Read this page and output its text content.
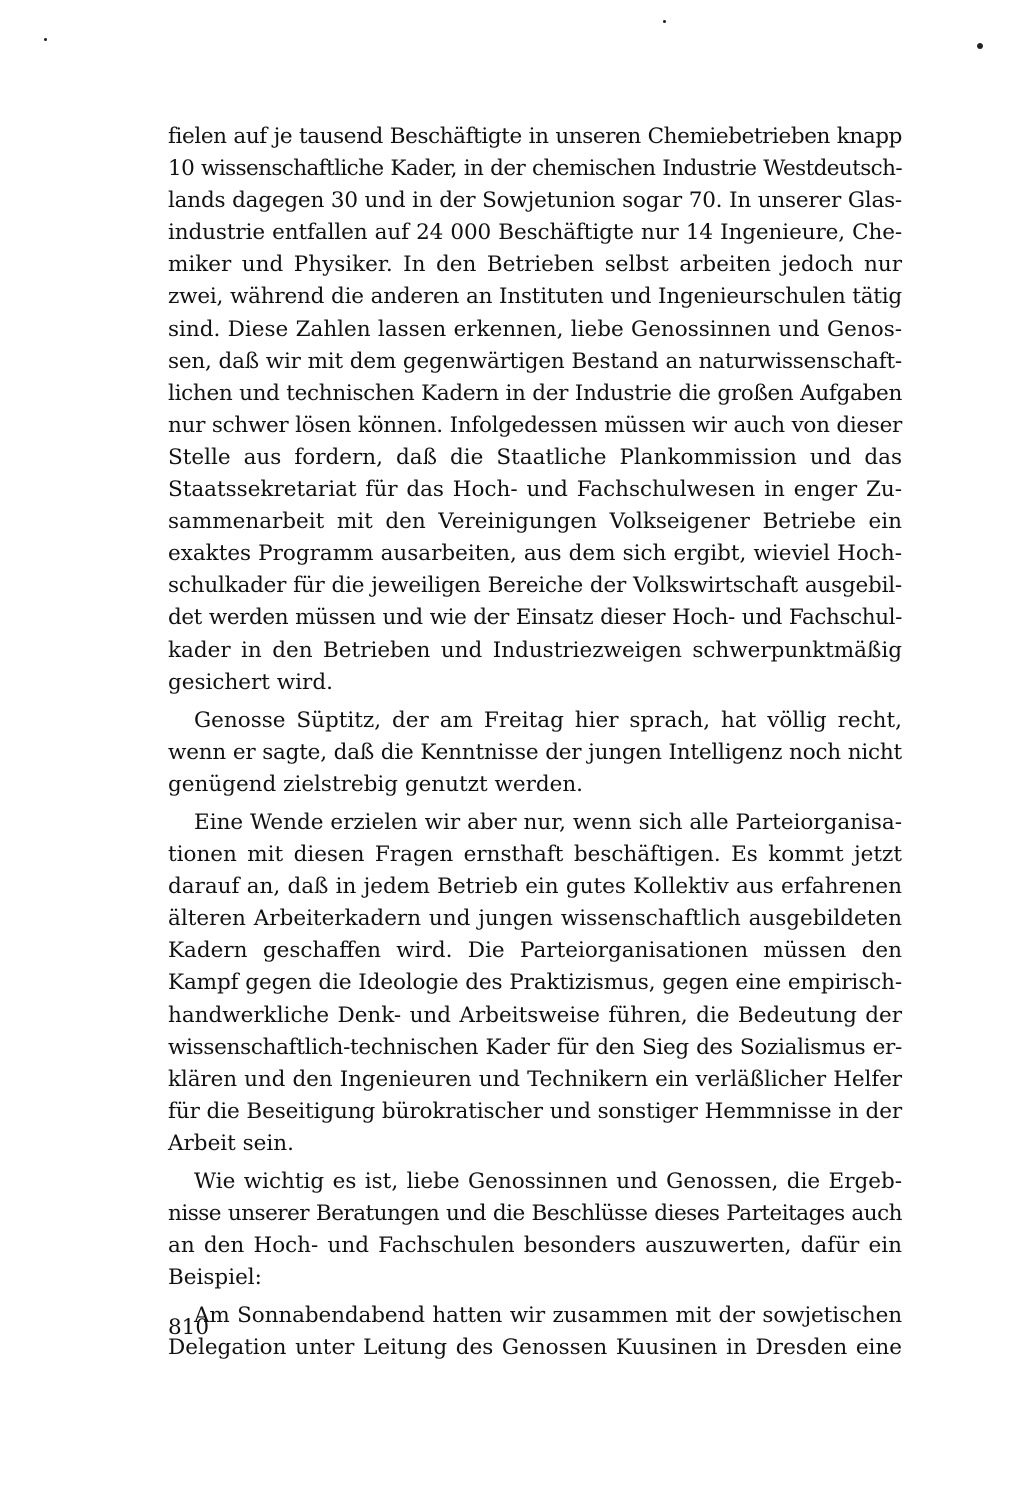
fielen auf je tausend Beschäftigte in unseren Chemiebetrieben knapp
10 wissenschaftliche Kader, in der chemischen Industrie Westdeutsch-
lands dagegen 30 und in der Sowjetunion sogar 70. In unserer Glas-
industrie entfallen auf 24 000 Beschäftigte nur 14 Ingenieure, Che-
miker und Physiker. In den Betrieben selbst arbeiten jedoch nur
zwei, während die anderen an Instituten und Ingenieurschulen tätig
sind. Diese Zahlen lassen erkennen, liebe Genossinnen und Genos-
sen, daß wir mit dem gegenwärtigen Bestand an naturwissenschaft-
lichen und technischen Kadern in der Industrie die großen Aufgaben
nur schwer lösen können. Infolgedessen müssen wir auch von dieser
Stelle aus fordern, daß die Staatliche Plankommission und das
Staatssekretariat für das Hoch- und Fachschulwesen in enger Zu-
sammenarbeit mit den Vereinigungen Volkseigener Betriebe ein
exaktes Programm ausarbeiten, aus dem sich ergibt, wieviel Hoch-
schulkader für die jeweiligen Bereiche der Volkswirtschaft ausgebil-
det werden müssen und wie der Einsatz dieser Hoch- und Fachschul-
kader in den Betrieben und Industriezweigen schwerpunktmäßig
gesichert wird.
Genosse Süptitz, der am Freitag hier sprach, hat völlig recht,
wenn er sagte, daß die Kenntnisse der jungen Intelligenz noch nicht
genügend zielstrebig genutzt werden.
Eine Wende erzielen wir aber nur, wenn sich alle Parteiorganisa-
tionen mit diesen Fragen ernsthaft beschäftigen. Es kommt jetzt
darauf an, daß in jedem Betrieb ein gutes Kollektiv aus erfahrenen
älteren Arbeiterkadern und jungen wissenschaftlich ausgebildeten
Kadern geschaffen wird. Die Parteiorganisationen müssen den
Kampf gegen die Ideologie des Praktizismus, gegen eine empirisch-
handwerkliche Denk- und Arbeitsweise führen, die Bedeutung der
wissenschaftlich-technischen Kader für den Sieg des Sozialismus er-
klären und den Ingenieuren und Technikern ein verläßlicher Helfer
für die Beseitigung bürokratischer und sonstiger Hemmnisse in der
Arbeit sein.
Wie wichtig es ist, liebe Genossinnen und Genossen, die Ergeb-
nisse unserer Beratungen und die Beschlüsse dieses Parteitages auch
an den Hoch- und Fachschulen besonders auszuwerten, dafür ein
Beispiel:
Am Sonnabendabend hatten wir zusammen mit der sowjetischen
Delegation unter Leitung des Genossen Kuusinen in Dresden eine
810
